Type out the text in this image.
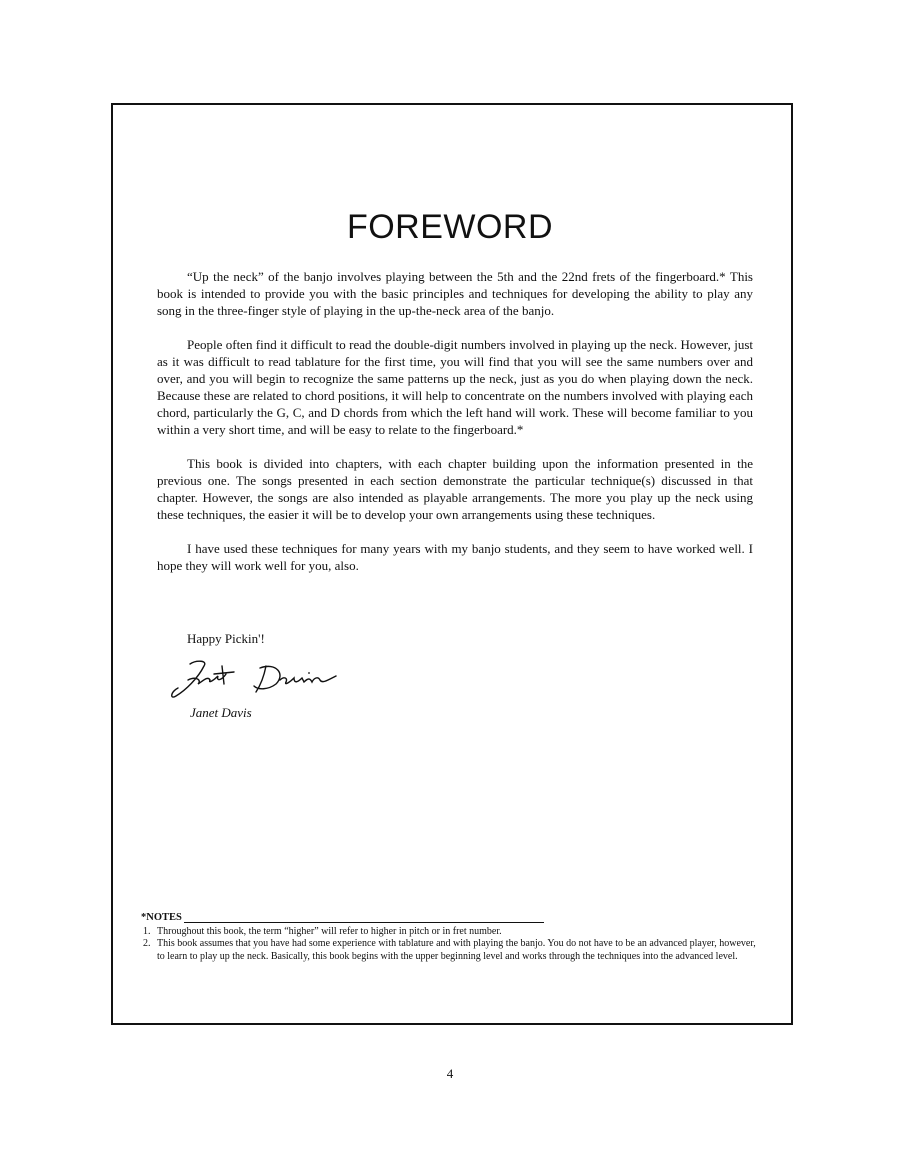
FOREWORD

“Up the neck” of the banjo involves playing between the 5th and the 22nd frets of the fingerboard.* This book is intended to provide you with the basic principles and techniques for developing the ability to play any song in the three-finger style of playing in the up-the-neck area of the banjo.

People often find it difficult to read the double-digit numbers involved in playing up the neck. However, just as it was difficult to read tablature for the first time, you will find that you will see the same numbers over and over, and you will begin to recognize the same patterns up the neck, just as you do when playing down the neck. Because these are related to chord positions, it will help to concentrate on the numbers involved with playing each chord, particularly the G, C, and D chords from which the left hand will work. These will become familiar to you within a very short time, and will be easy to relate to the fingerboard.*

This book is divided into chapters, with each chapter building upon the information presented in the previous one. The songs presented in each section demonstrate the particular technique(s) discussed in that chapter. However, the songs are also intended as playable arrangements. The more you play up the neck using these techniques, the easier it will be to develop your own arrangements using these techniques.

I have used these techniques for many years with my banjo students, and they seem to have worked well. I hope they will work well for you, also.

Happy Pickin'!
Janet Davis
*NOTES
1. Throughout this book, the term “higher” will refer to higher in pitch or in fret number.
2. This book assumes that you have had some experience with tablature and with playing the banjo. You do not have to be an advanced player, however, to learn to play up the neck. Basically, this book begins with the upper beginning level and works through the techniques into the advanced level.
4
